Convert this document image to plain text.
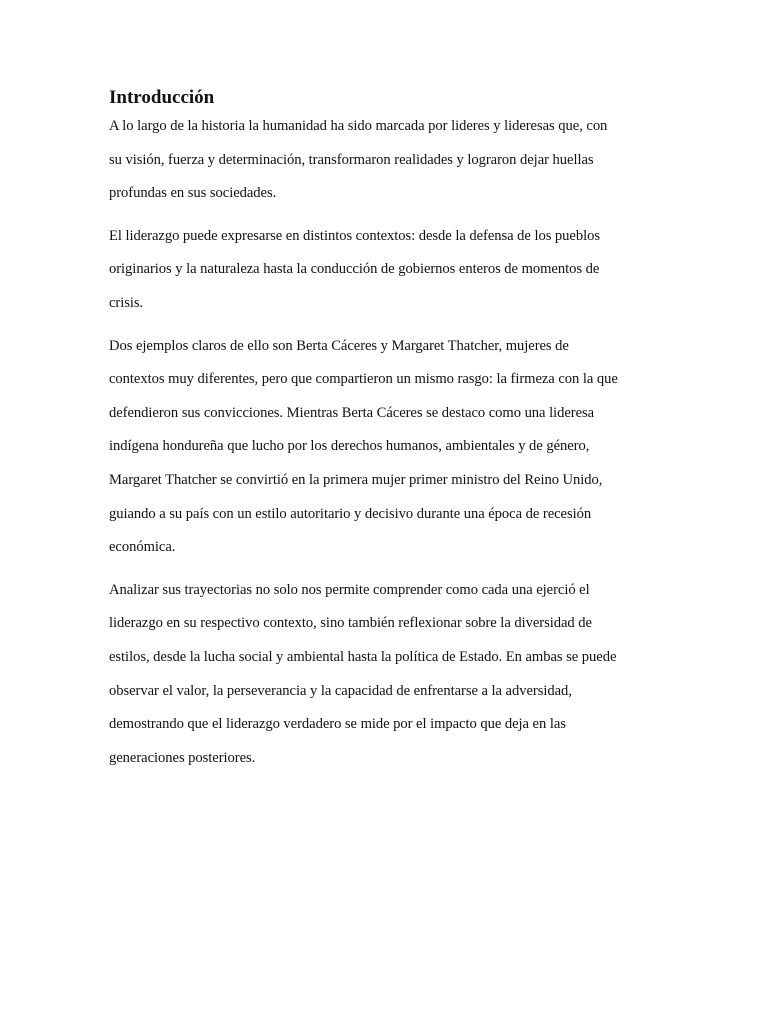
Introducción

A lo largo de la historia la humanidad ha sido marcada por lideres y lideresas que, con
su visión, fuerza y determinación, transformaron realidades y lograron dejar huellas
profundas en sus sociedades.

El liderazgo puede expresarse en distintos contextos: desde la defensa de los pueblos
originarios y la naturaleza hasta la conducción de gobiernos enteros de momentos de
crisis.

Dos ejemplos claros de ello son Berta Cáceres y Margaret Thatcher, mujeres de
contextos muy diferentes, pero que compartieron un mismo rasgo: la firmeza con la que
defendieron sus convicciones. Mientras Berta Cáceres se destaco como una lideresa
indígena hondureña que lucho por los derechos humanos, ambientales y de género,
Margaret Thatcher se convirtió en la primera mujer primer ministro del Reino Unido,
guiando a su país con un estilo autoritario y decisivo durante una época de recesión
económica.

Analizar sus trayectorias no solo nos permite comprender como cada una ejerció el
liderazgo en su respectivo contexto, sino también reflexionar sobre la diversidad de
estilos, desde la lucha social y ambiental hasta la política de Estado. En ambas se puede
observar el valor, la perseverancia y la capacidad de enfrentarse a la adversidad,
demostrando que el liderazgo verdadero se mide por el impacto que deja en las
generaciones posteriores.
